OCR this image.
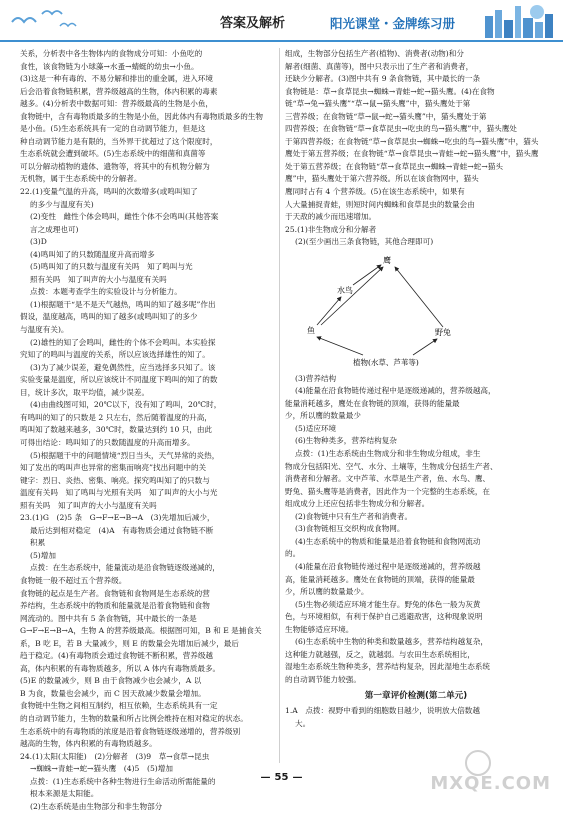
答案及解析	阳光课堂・金牌练习册

关系，分析表中各生物体内的食物成分可知：小鱼吃的

食性，该食物链为小球藻→水蚤→蜻蜓的幼虫→小鱼。

(3)这是一种有毒的、不易分解和排出的重金属，进入环境

后会沿着食物链积累，营养级越高的生物，体内积累的毒素

越多。(4)分析表中数据可知：营养级最高的生物是小鱼，

食物链中，含有毒物质最多的生物是小鱼，因此体内有毒物质最多的生物

是小鱼。(5)生态系统具有一定的自动调节能力，但是这

种自动调节能力是有限的，当外界干扰超过了这个限度时，

生态系统就会遭到破坏。(5)生态系统中的细菌和真菌等

可以分解动植物的遗体、遗物等，将其中的有机物分解为

无机物，属于生态系统中的分解者。

22.(1)变量气温的升高，鸣叫的次数增多(或鸣叫知了

的多少与温度有关)

(2)变性　雌性个体会鸣叫，雌性个体不会鸣叫(其他答案

言之成理也可)

(3)D

(4)鸣叫知了的只数随温度升高而增多

(5)鸣叫知了的只数与温度有关吗　知了鸣叫与光

照有关吗　知了叫声的大小与温度有关吗

点拨：本题考查学生的实验设计与分析能力。

(1)根据题干“是不是天气越热，鸣叫的知了越多呢”作出

假设，温度越高，鸣叫的知了越多(或鸣叫知了的多少

与温度有关)。

(2)雄性的知了会鸣叫，雌性的个体不会鸣叫。本实验探

究知了的鸣叫与温度的关系，所以应该选择雄性的知了。

(3)为了减少误差，避免偶然性，应当选择多只知了。该

实验变量是温度，所以应该统计不同温度下鸣叫的知了的数

目，统计多次，取平均值，减少误差。

(4)由曲线图可知，20℃以下，没有知了鸣叫，20℃时，

有鸣叫的知了的只数是 2 只左右，然后随着温度的升高，

鸣叫知了数越来越多，30℃时，数量达到约 10 只，由此

可得出结论：鸣叫知了的只数随温度的升高而增多。

(5)根据题干中的问题情境“烈日当头，天气异常的炎热，

知了发出的鸣叫声也异常的密集而响亮”找出问题中的关

键字：烈日、炎热、密集、响亮。探究鸣叫知了的只数与

温度有关吗　知了鸣叫与光照有关吗　知了叫声的大小与光

照有关吗　知了叫声的大小与温度有关吗

23.(1)G　(2)5 条　G→F→E→B→A　(3)先增加后减少，

最后达到相对稳定　(4)A　有毒物质会通过食物链不断

积累

(5)增加

点拨：在生态系统中，能量流动是沿食物链逐级递减的，

食物链一般不超过五个营养级。

食物链的起点是生产者。食物链和食物网是生态系统的营

养结构，生态系统中的物质和能量就是沿着食物链和食物

网流动的。图中共有 5 条食物链，其中最长的一条是

G→F→E→B→A，生物 A 的营养级最高。根据图可知，B 和 E 是捕食关

系，B 吃 E，若 B 大量减少，则 E 的数量会先增加后减少，最后

趋于稳定。(4)有毒物质会通过食物链不断积累，营养级越

高，体内积累的有毒物质越多，所以 A 体内有毒物质最多。

(5)E 的数量减少，则 B 由于食物减少也会减少，A 以

B 为食，数量也会减少，而 C 因天敌减少数量会增加。

食物链中生物之间相互制约，相互依赖，生态系统具有一定

的自动调节能力，生物的数量和所占比例会维持在相对稳定的状态。

生态系统中的有毒物质的浓度是沿着食物链逐级递增的，营养级别

越高的生物，体内积累的有毒物质越多。

24.(1)太阳(太阳能)　(2)分解者　(3)9　草→食草→昆虫

→蜘蛛→青蛙→蛇→猫头鹰　(4)5　(5)增加

点拨：(1)生态系统中各种生物进行生命活动所需能量的

根本来源是太阳能。

(2)生态系统是由生物部分和非生物部分

组成，生物部分包括生产者(植物)、消费者(动物)和分

解者(细菌、真菌等)，图中只表示出了生产者和消费者，

还缺少分解者。(3)图中共有 9 条食物链，其中最长的一条

食物链是：草→食草昆虫→蜘蛛→青蛙→蛇→猫头鹰。(4)在食物

链“草→兔→猫头鹰”“草→鼠→猫头鹰”中，猫头鹰处于第

三营养级；在食物链“草→鼠→蛇→猫头鹰”中，猫头鹰处于第

四营养级；在食物链“草→食草昆虫→吃虫的鸟→猫头鹰”中，猫头鹰处

于第四营养级；在食物链“草→食草昆虫→蜘蛛→吃虫的鸟→猫头鹰”中，猫头

鹰处于第五营养级；在食物链“草→食草昆虫→青蛙→蛇→猫头鹰”中，猫头鹰

处于第五营养级；在食物链“草→食草昆虫→蜘蛛→青蛙→蛇→猫头

鹰”中，猫头鹰处于第六营养级。所以在该食物网中，猫头

鹰同时占有 4 个营养级。(5)在该生态系统中，如果有

人大量捕捉青蛙，则短时间内蜘蛛和食草昆虫的数量会由

于天敌的减少而迅速增加。

25.(1)非生物成分和分解者

(2)(至少画出三条食物链，其他合理即可)

鹰
水鸟
鱼	野兔
植物(水草、芦苇等)

(3)营养结构

(4)能量在沿食物链传递过程中是逐级递减的，营养级越高，

能量消耗越多，鹰处在食物链的顶端，获得的能量最

少，所以鹰的数量最少

(5)适应环境

(6)生物种类多，营养结构复杂

点拨：(1)生态系统由生物成分和非生物成分组成，非生

物成分包括阳光、空气、水分、土壤等，生物成分包括生产者、

消费者和分解者。文中芦苇、水草是生产者，鱼、水鸟、鹰、

野兔、猫头鹰等是消费者，因此作为一个完整的生态系统，在

组成成分上还应包括非生物成分和分解者。

(2)食物链中只有生产者和消费者。

(3)食物链相互交织构成食物网。

(4)生态系统中的物质和能量是沿着食物链和食物网流动

的。

(4)能量在沿食物链传递过程中是逐级递减的，营养级越

高，能量消耗越多。鹰处在食物链的顶端，获得的能量最

少，所以鹰的数量最少。

(5)生物必须适应环境才能生存。野兔的体色一般为灰黄

色，与环境相似，有利于保护自己逃避敌害，这种现象说明

生物能够适应环境。

(6)生态系统中生物的种类和数量越多，营养结构越复杂，

这种能力就越强，反之，就越弱。与农田生态系统相比，

湿地生态系统生物种类多，营养结构复杂，因此湿地生态系统

的自动调节能力较强。

第一章评价检测(第二单元)

1.A　点拨：视野中看到的细胞数目越少，说明放大倍数越

大。

— 55 —	MXQE.COM
